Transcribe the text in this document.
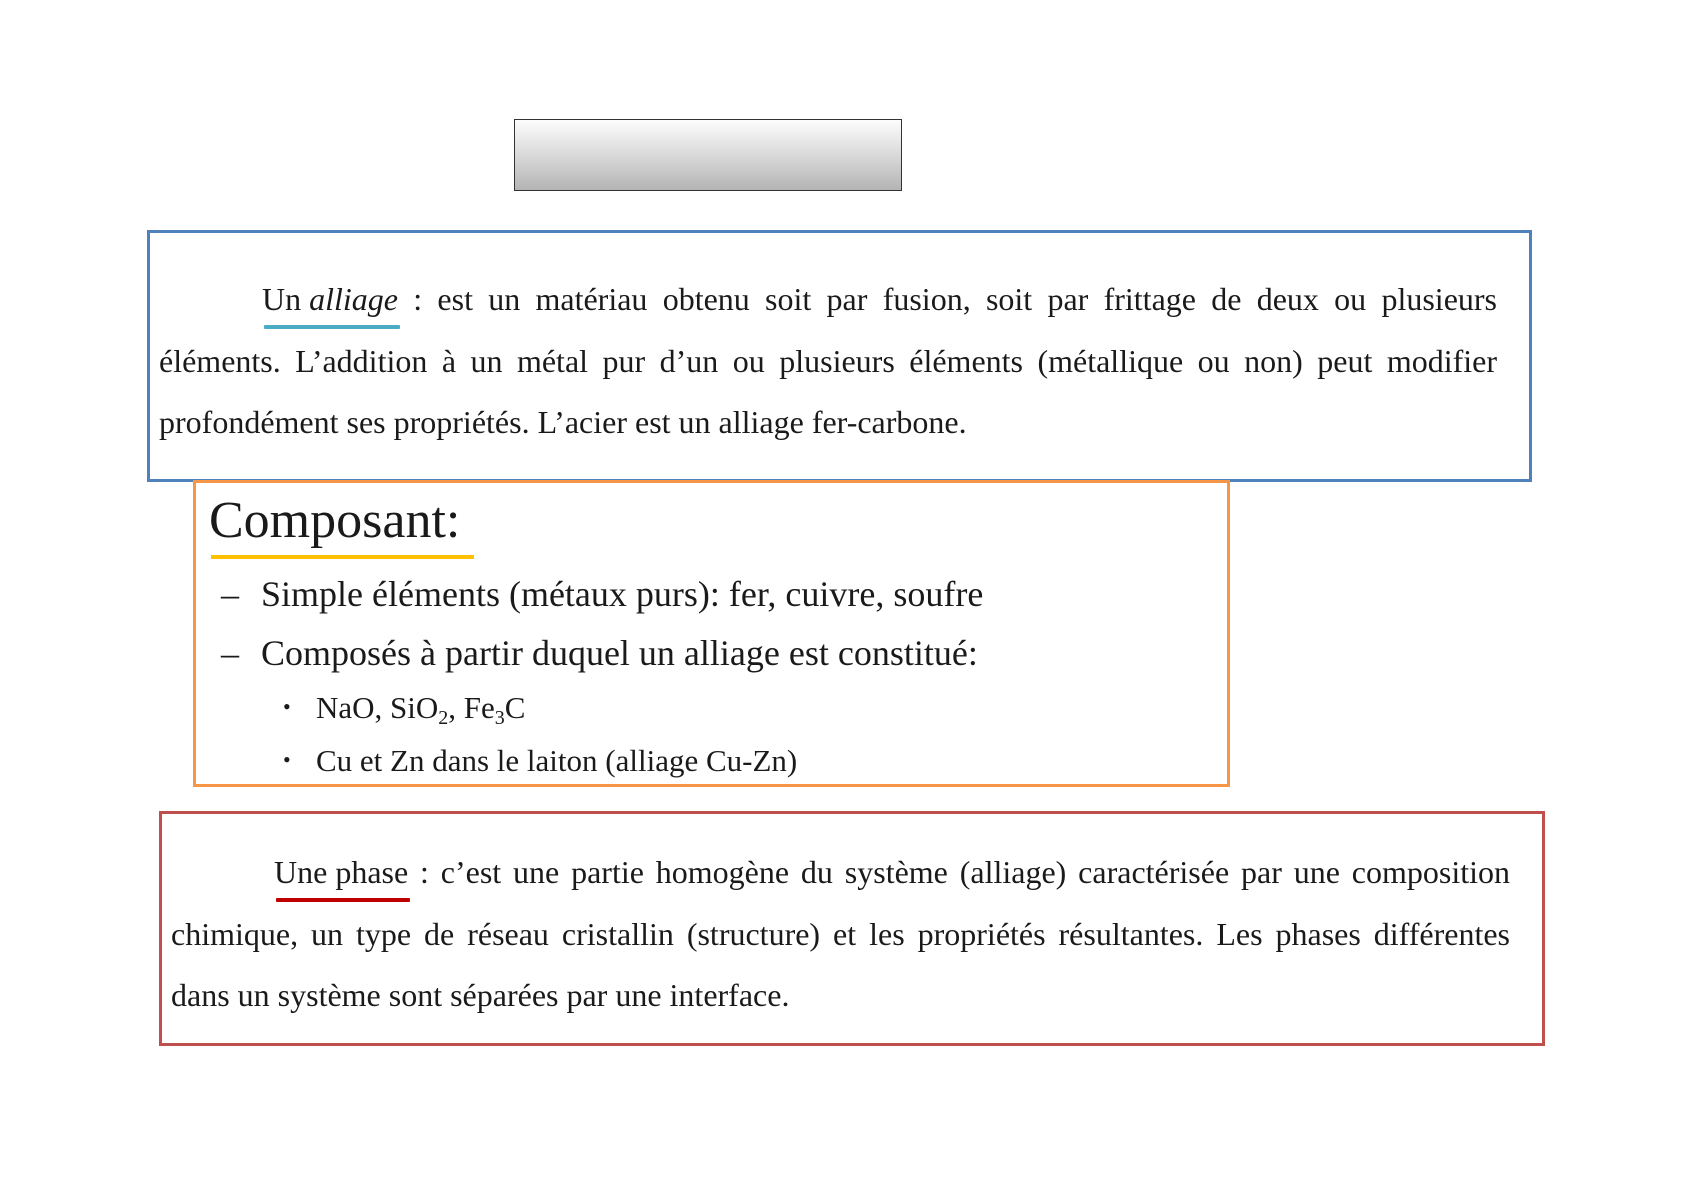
Un alliage
: est un matériau obtenu soit par fusion, soit par frittage de deux ou plusieurs éléments. L’addition à un métal pur d’un ou plusieurs éléments (métallique ou non) peut modifier profondément ses propriétés. L’acier est un alliage fer-carbone.

Composant:
– Simple éléments (métaux purs): fer, cuivre, soufre
– Composés à partir duquel un alliage est constitué:
• NaO, SiO$_2$, $Fe_3C$
• Cu et Zn dans le laiton (alliage Cu-Zn)

Une phase
: c’est une partie homogène du système (alliage) caractérisée par une composition chimique, un type de réseau cristallin (structure) et les propriétés résultantes. Les phases différentes dans un système sont séparées par une interface.
